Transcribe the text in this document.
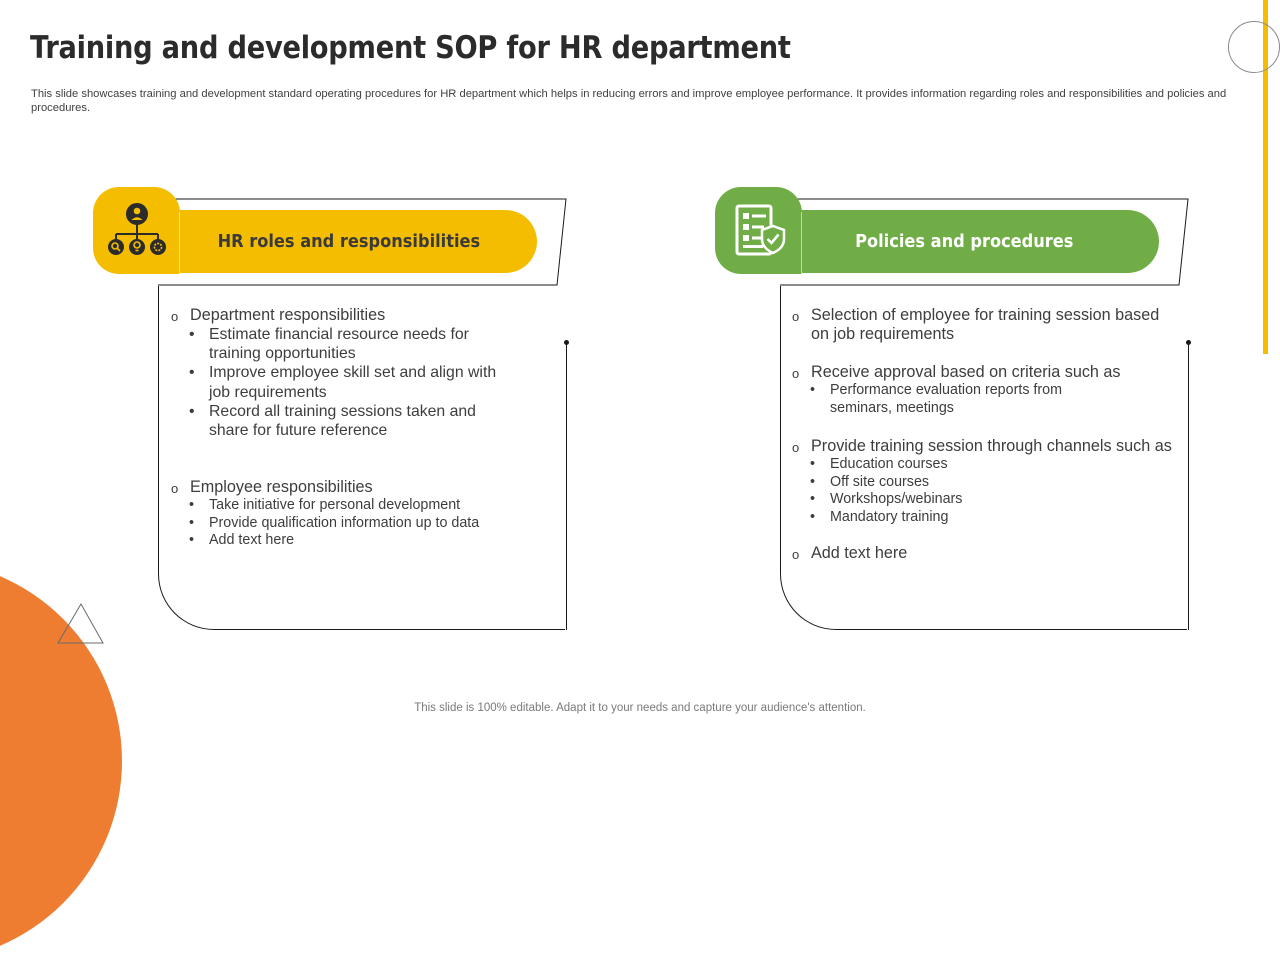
Training and development SOP for HR department
This slide showcases training and development standard operating procedures for HR department which helps in reducing errors and improve employee performance. It provides information regarding roles and responsibilities and policies and procedures.
HR roles and responsibilities
o Department responsibilities
• Estimate financial resource needs for training opportunities
• Improve employee skill set and align with job requirements
• Record all training sessions taken and share for future reference
o Employee responsibilities
• Take initiative for personal development
• Provide qualification information up to data
• Add text here
Policies and procedures
o Selection of employee for training session based on job requirements
o Receive approval based on criteria such as
• Performance evaluation reports from seminars, meetings
o Provide training session through channels such as
• Education courses
• Off site courses
• Workshops/webinars
• Mandatory training
o Add text here
This slide is 100% editable. Adapt it to your needs and capture your audience's attention.
